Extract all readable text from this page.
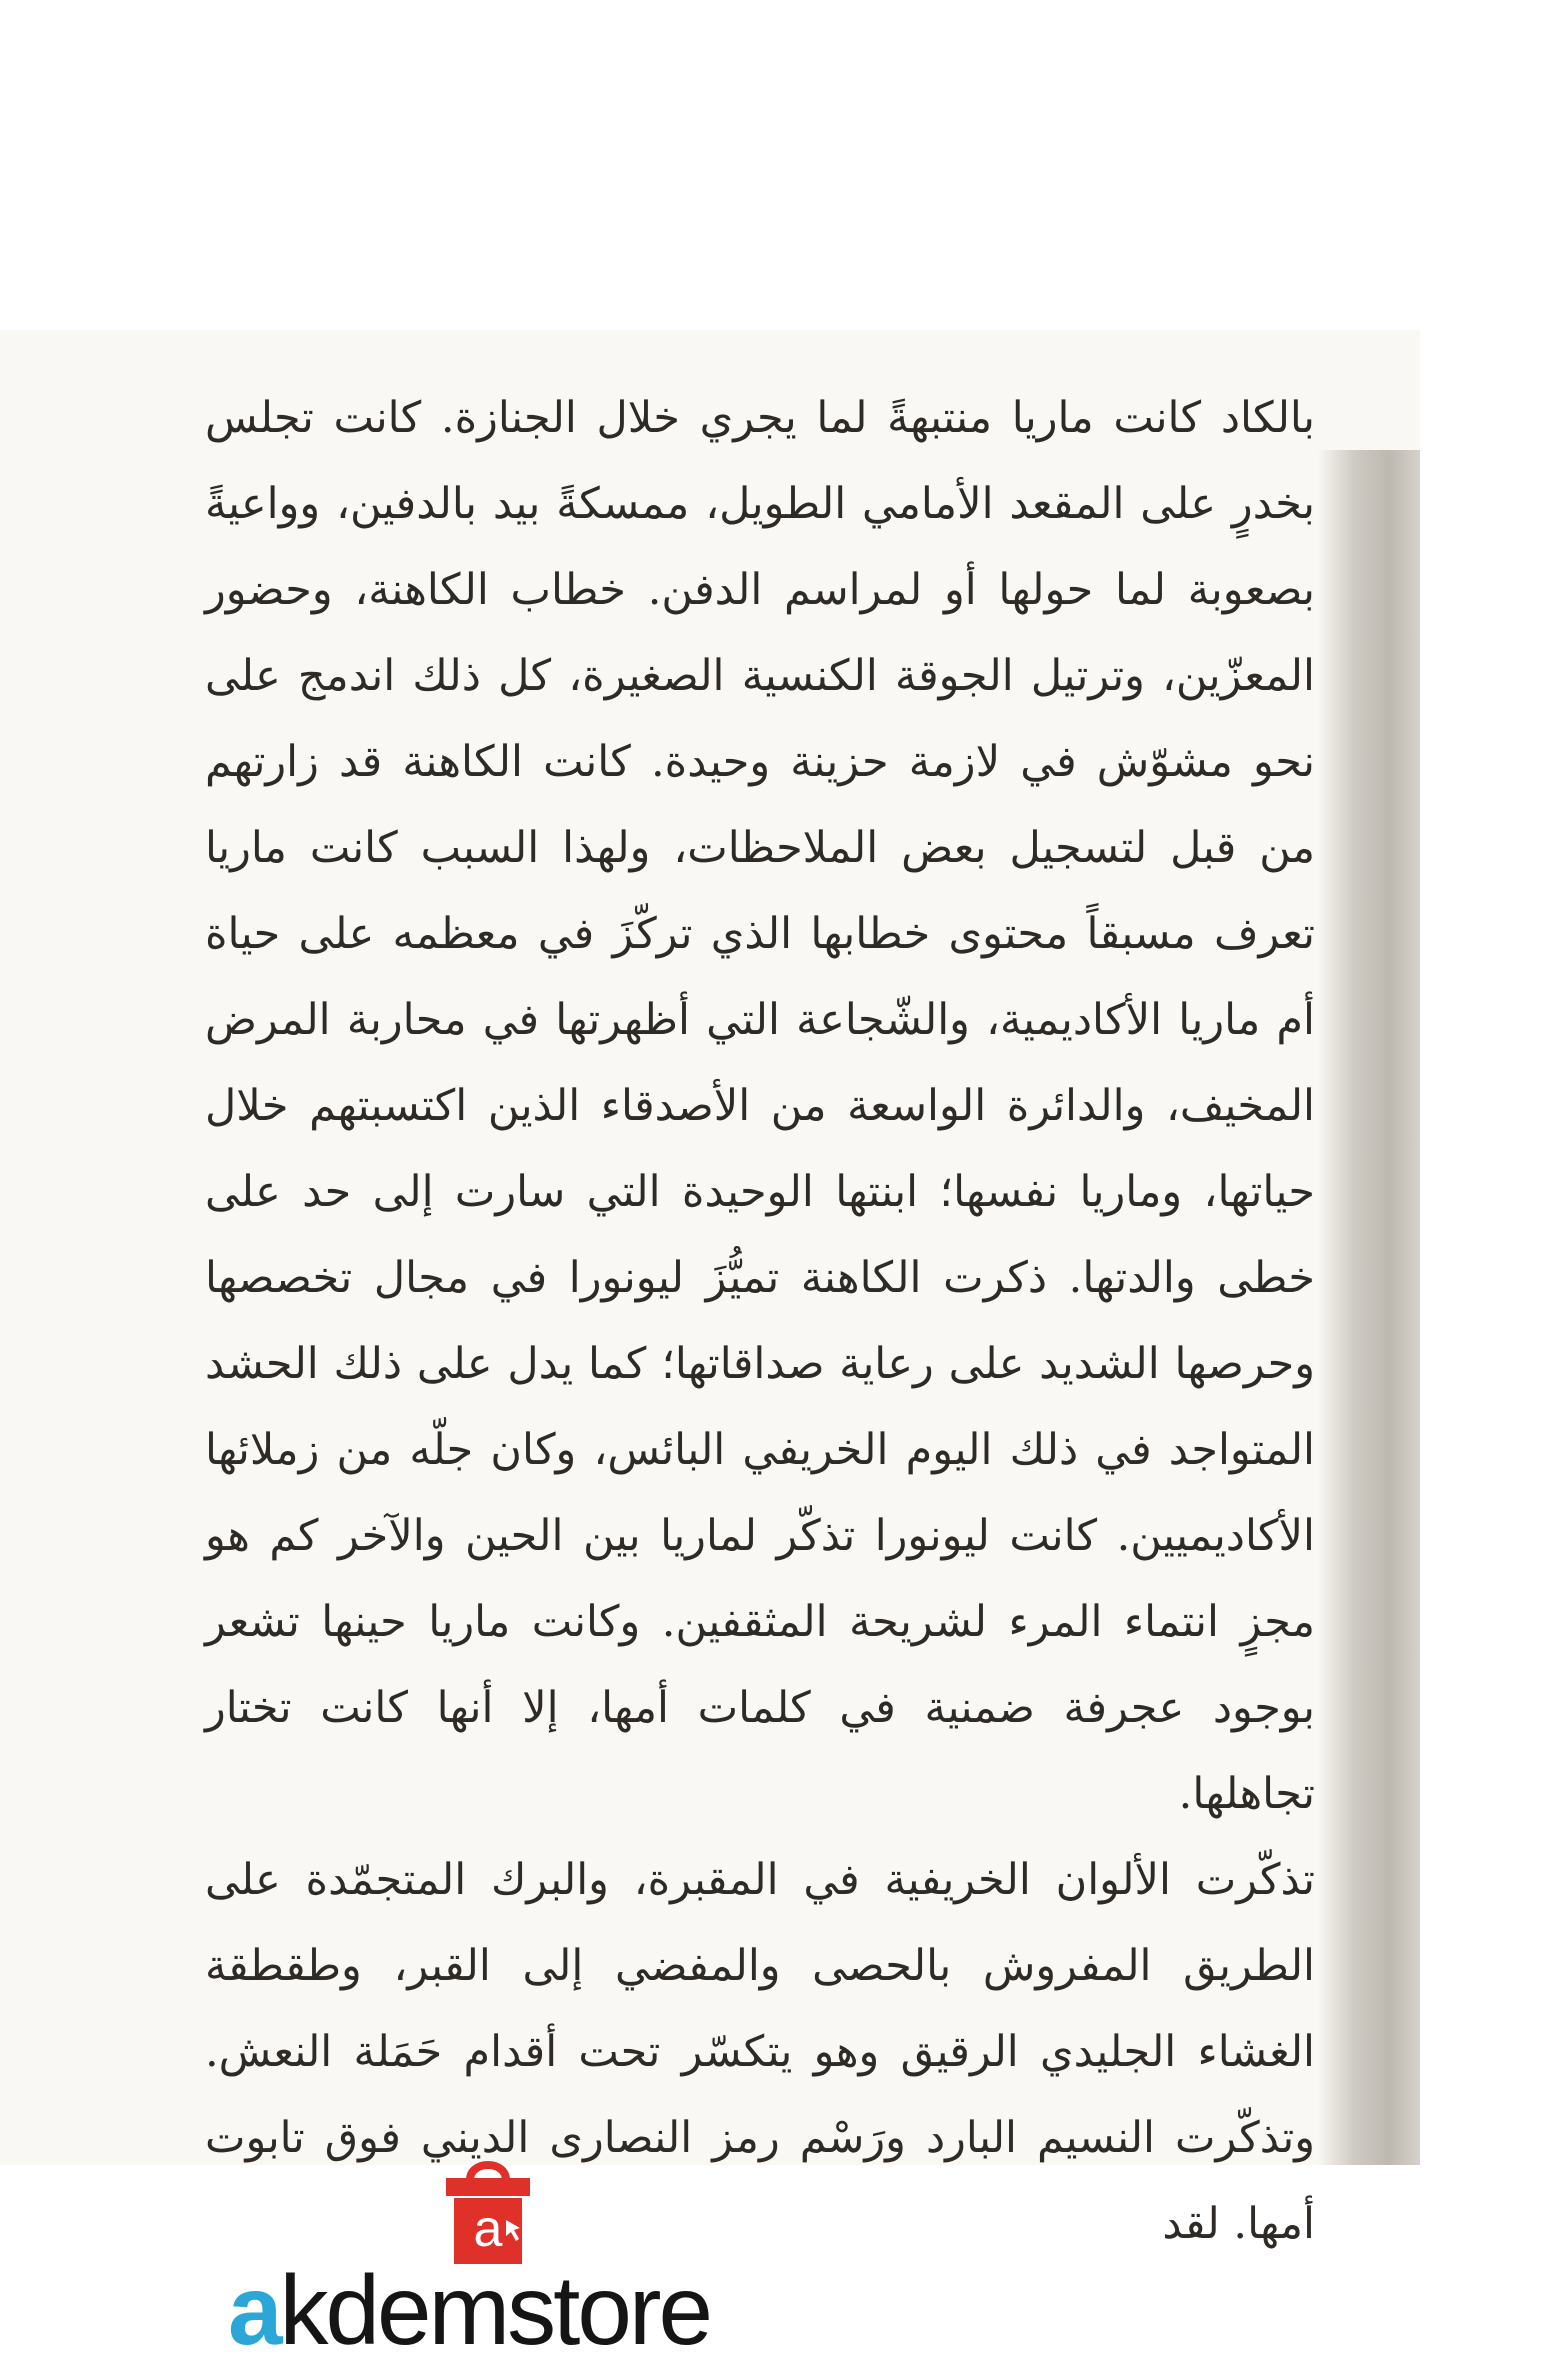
بالكاد كانت ماريا منتبهةً لما يجري خلال الجنازة. كانت تجلس بخدرٍ على المقعد الأمامي الطويل، ممسكةً بيد بالدفين، وواعيةً بصعوبة لما حولها أو لمراسم الدفن. خطاب الكاهنة، وحضور المعزّين، وترتيل الجوقة الكنسية الصغيرة، كل ذلك اندمج على نحو مشوّش في لازمة حزينة وحيدة. كانت الكاهنة قد زارتهم من قبل لتسجيل بعض الملاحظات، ولهذا السبب كانت ماريا تعرف مسبقاً محتوى خطابها الذي تركّزَ في معظمه على حياة أم ماريا الأكاديمية، والشّجاعة التي أظهرتها في محاربة المرض المخيف، والدائرة الواسعة من الأصدقاء الذين اكتسبتهم خلال حياتها، وماريا نفسها؛ ابنتها الوحيدة التي سارت إلى حد على خطى والدتها. ذكرت الكاهنة تميُّزَ ليونورا في مجال تخصصها وحرصها الشديد على رعاية صداقاتها؛ كما يدل على ذلك الحشد المتواجد في ذلك اليوم الخريفي البائس، وكان جلّه من زملائها الأكاديميين. كانت ليونورا تذكّر لماريا بين الحين والآخر كم هو مجزٍ انتماء المرء لشريحة المثقفين. وكانت ماريا حينها تشعر بوجود عجرفة ضمنية في كلمات أمها، إلا أنها كانت تختار تجاهلها.

تذكّرت الألوان الخريفية في المقبرة، والبرك المتجمّدة على الطريق المفروش بالحصى والمفضي إلى القبر، وطقطقة الغشاء الجليدي الرقيق وهو يتكسّر تحت أقدام حَمَلة النعش. وتذكّرت النسيم البارد ورَسْم رمز النصارى الديني فوق تابوت أمها. لقد

a
akdemstore
